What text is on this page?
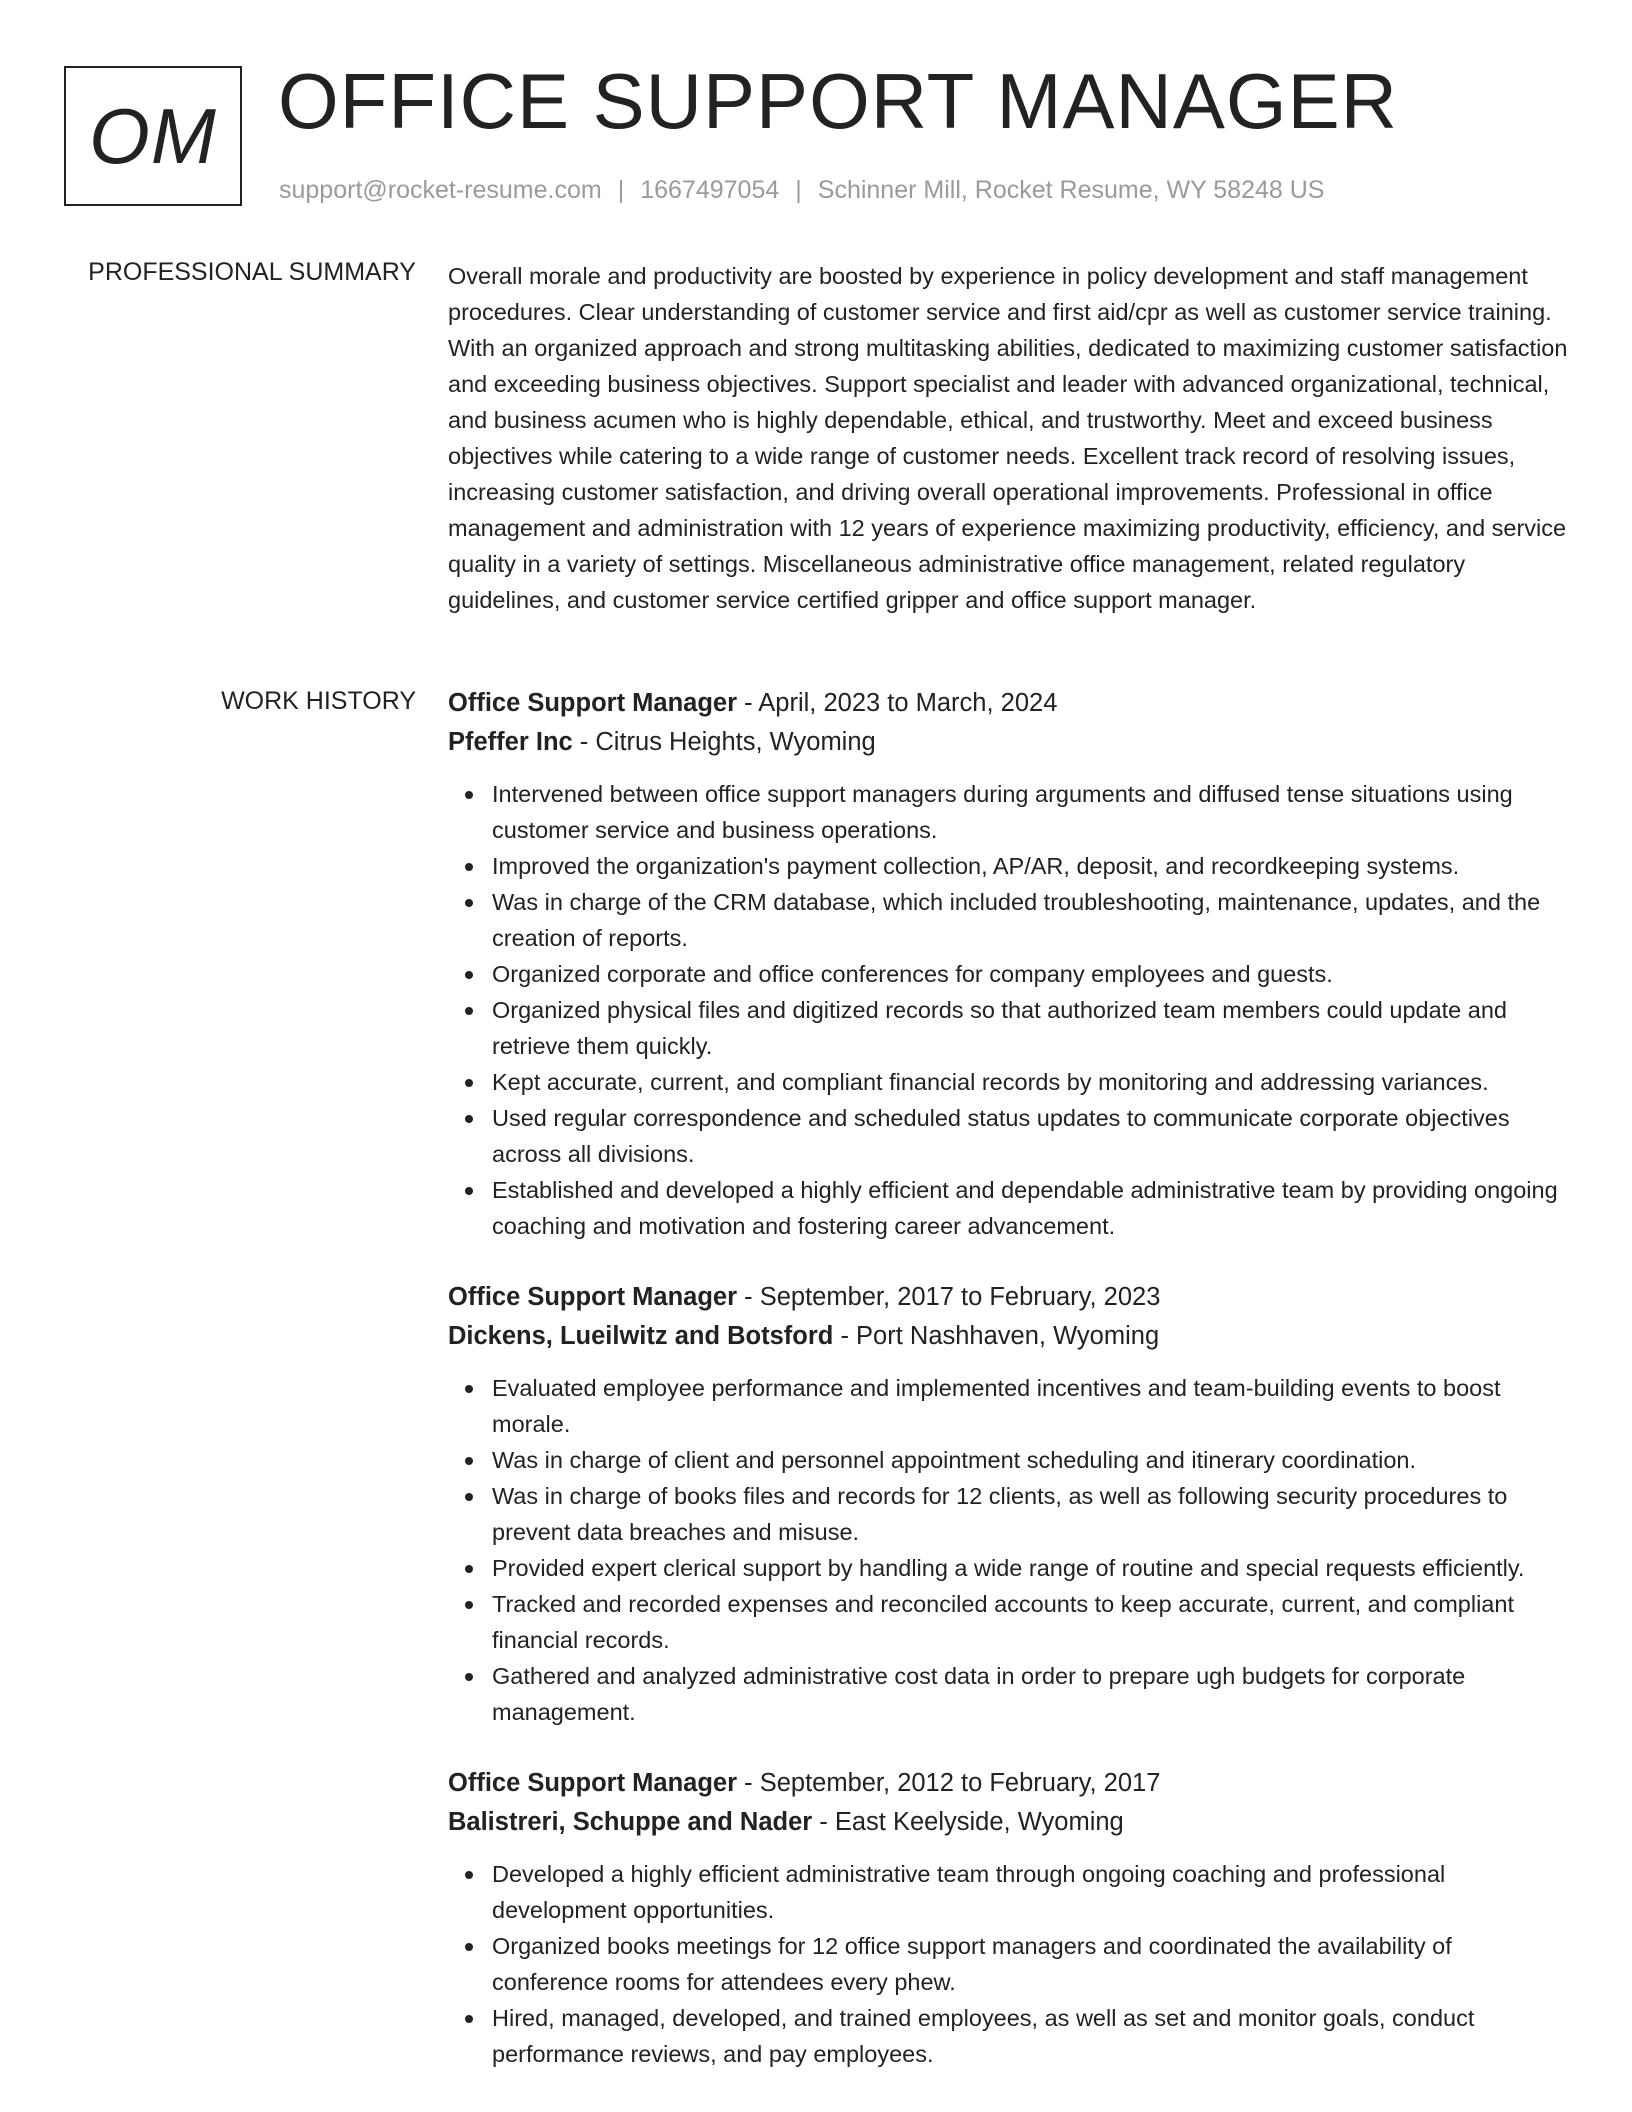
OM OFFICE SUPPORT MANAGER
support@rocket-resume.com | 1667497054 | Schinner Mill, Rocket Resume, WY 58248 US
PROFESSIONAL SUMMARY Overall morale and productivity are boosted by experience in policy development and staff management procedures. Clear understanding of customer service and first aid/cpr as well as customer service training. With an organized approach and strong multitasking abilities, dedicated to maximizing customer satisfaction and exceeding business objectives. Support specialist and leader with advanced organizational, technical, and business acumen who is highly dependable, ethical, and trustworthy. Meet and exceed business objectives while catering to a wide range of customer needs. Excellent track record of resolving issues, increasing customer satisfaction, and driving overall operational improvements. Professional in office management and administration with 12 years of experience maximizing productivity, efficiency, and service quality in a variety of settings. Miscellaneous administrative office management, related regulatory guidelines, and customer service certified gripper and office support manager.

WORK HISTORY Office Support Manager - April, 2023 to March, 2024
Pfeffer Inc - Citrus Heights, Wyoming
Intervened between office support managers during arguments and diffused tense situations using customer service and business operations.
Improved the organization's payment collection, AP/AR, deposit, and recordkeeping systems.
Was in charge of the CRM database, which included troubleshooting, maintenance, updates, and the creation of reports.
Organized corporate and office conferences for company employees and guests.
Organized physical files and digitized records so that authorized team members could update and retrieve them quickly.
Kept accurate, current, and compliant financial records by monitoring and addressing variances.
Used regular correspondence and scheduled status updates to communicate corporate objectives across all divisions.
Established and developed a highly efficient and dependable administrative team by providing ongoing coaching and motivation and fostering career advancement.
Office Support Manager - September, 2017 to February, 2023
Dickens, Lueilwitz and Botsford - Port Nashhaven, Wyoming
Evaluated employee performance and implemented incentives and team-building events to boost morale.
Was in charge of client and personnel appointment scheduling and itinerary coordination.
Was in charge of books files and records for 12 clients, as well as following security procedures to prevent data breaches and misuse.
Provided expert clerical support by handling a wide range of routine and special requests efficiently.
Tracked and recorded expenses and reconciled accounts to keep accurate, current, and compliant financial records.
Gathered and analyzed administrative cost data in order to prepare ugh budgets for corporate management.
Office Support Manager - September, 2012 to February, 2017
Balistreri, Schuppe and Nader - East Keelyside, Wyoming
Developed a highly efficient administrative team through ongoing coaching and professional development opportunities.
Organized books meetings for 12 office support managers and coordinated the availability of conference rooms for attendees every phew.
Hired, managed, developed, and trained employees, as well as set and monitor goals, conduct performance reviews, and pay employees.
